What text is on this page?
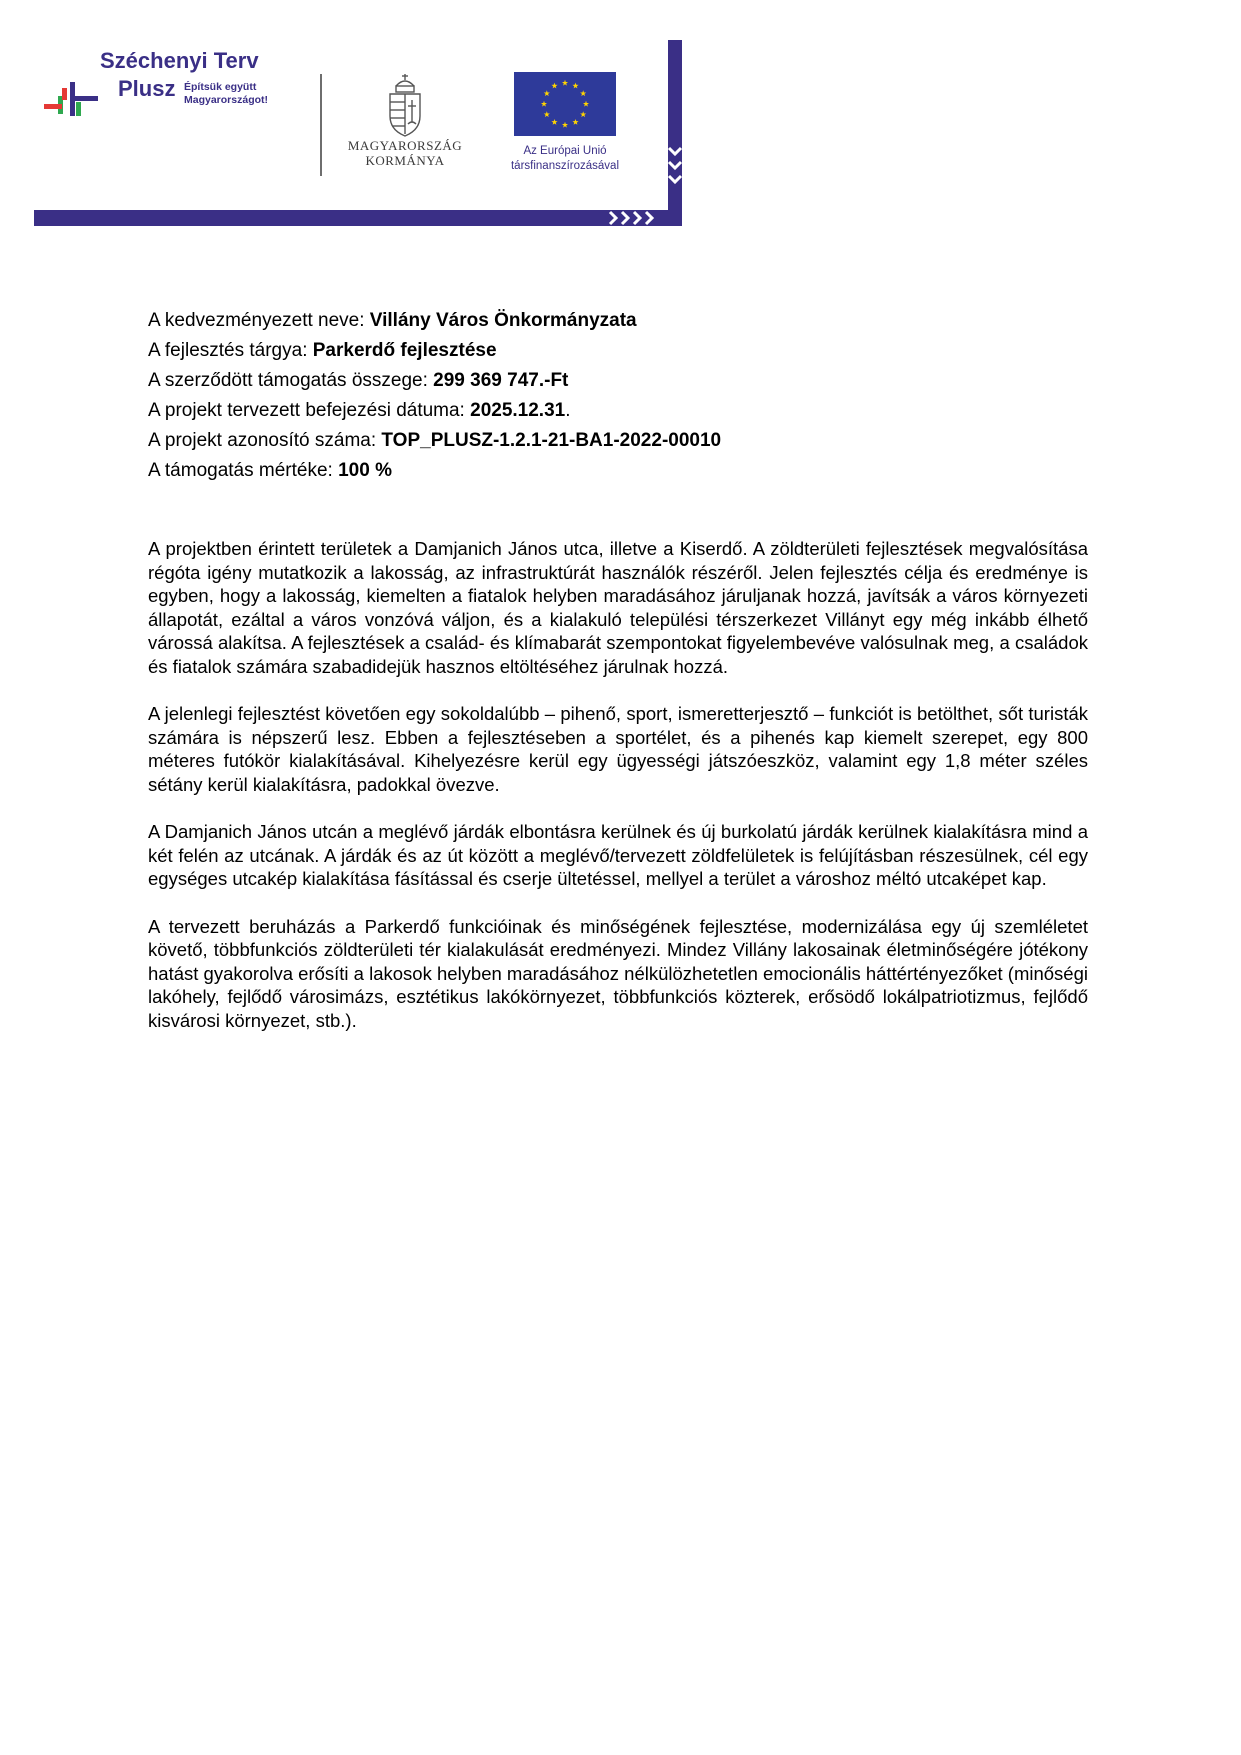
Széchenyi Terv
Plusz Építsük együtt
Magyarországot!
MAGYARORSZÁG
KORMÁNYA
Az Európai Unió
társfinanszírozásával
A kedvezményezett neve: Villány Város Önkormányzata
A fejlesztés tárgya: Parkerdő fejlesztése
A szerződött támogatás összege: 299 369 747.-Ft
A projekt tervezett befejezési dátuma: 2025.12.31.
A projekt azonosító száma: TOP_PLUSZ-1.2.1-21-BA1-2022-00010
A támogatás mértéke: 100 %

A projektben érintett területek a Damjanich János utca, illetve a Kiserdő. A zöldterületi fejlesztések megvalósítása régóta igény mutatkozik a lakosság, az infrastruktúrát használók részéről. Jelen fejlesztés célja és eredménye is egyben, hogy a lakosság, kiemelten a fiatalok helyben maradásához járuljanak hozzá, javítsák a város környezeti állapotát, ezáltal a város vonzóvá váljon, és a kialakuló települési térszerkezet Villányt egy még inkább élhető várossá alakítsa. A fejlesztések a család- és klímabarát szempontokat figyelembevéve valósulnak meg, a családok és fiatalok számára szabadidejük hasznos eltöltéséhez járulnak hozzá.

A jelenlegi fejlesztést követően egy sokoldalúbb – pihenő, sport, ismeretterjesztő – funkciót is betölthet, sőt turisták számára is népszerű lesz. Ebben a fejlesztéseben a sportélet, és a pihenés kap kiemelt szerepet, egy 800 méteres futókör kialakításával. Kihelyezésre kerül egy ügyességi játszóeszköz, valamint egy 1,8 méter széles sétány kerül kialakításra, padokkal övezve.

A Damjanich János utcán a meglévő járdák elbontásra kerülnek és új burkolatú járdák kerülnek kialakításra mind a két felén az utcának. A járdák és az út között a meglévő/tervezett zöldfelületek is felújításban részesülnek, cél egy egységes utcakép kialakítása fásítással és cserje ültetéssel, mellyel a terület a városhoz méltó utcaképet kap.

A tervezett beruházás a Parkerdő funkcióinak és minőségének fejlesztése, modernizálása egy új szemléletet követő, többfunkciós zöldterületi tér kialakulását eredményezi. Mindez Villány lakosainak életminőségére jótékony hatást gyakorolva erősíti a lakosok helyben maradásához nélkülözhetetlen emocionális háttértényezőket (minőségi lakóhely, fejlődő városimázs, esztétikus lakókörnyezet, többfunkciós közterek, erősödő lokálpatriotizmus, fejlődő kisvárosi környezet, stb.).
